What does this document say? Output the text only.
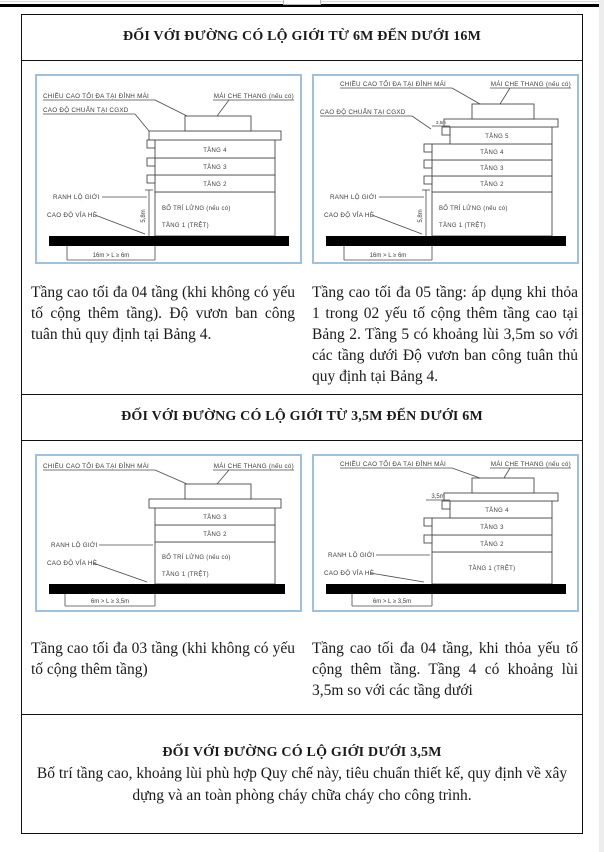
ĐỐI VỚI ĐƯỜNG CÓ LỘ GIỚI TỪ 6M ĐẾN DƯỚI 16M
TẦNG 4
TẦNG 3
TẦNG 2
BỐ TRÍ LỬNG (nếu có)
TẦNG 1 (TRỆT)
CHIỀU CAO TỐI ĐA TẠI ĐỈNH MÁI	MÁI CHE THANG (nếu có)
CAO ĐỘ CHUẨN TẠI CGXD
RANH LỘ GIỚI
CAO ĐỘ VỈA HÈ	5,8m
16m > L ≥ 6m

Tầng cao tối đa 04 tầng (khi không có yếu tố cộng thêm tầng). Độ vươn ban công tuân thủ quy định tại Bảng 4.

3,5m
TẦNG 5
TẦNG 4
TẦNG 3
TẦNG 2
BỐ TRÍ LỬNG (nếu có)
TẦNG 1 (TRỆT)
CHIỀU CAO TỐI ĐA TẠI ĐỈNH MÁI	MÁI CHE THANG (nếu có)
CAO ĐỘ CHUẨN TẠI CGXD
RANH LỘ GIỚI
CAO ĐỘ VỈA HÈ	5,8m
16m > L ≥ 6m

Tầng cao tối đa 05 tầng: áp dụng khi thỏa 1 trong 02 yếu tố cộng thêm tầng cao tại Bảng 2. Tầng 5 có khoảng lùi 3,5m so với các tầng dưới Độ vươn ban công tuân thủ quy định tại Bảng 4.

ĐỐI VỚI ĐƯỜNG CÓ LỘ GIỚI TỪ 3,5M ĐẾN DƯỚI 6M
TẦNG 3
TẦNG 2
BỐ TRÍ LỬNG (nếu có)
TẦNG 1 (TRỆT)
CHIỀU CAO TỐI ĐA TẠI ĐỈNH MÁI	MÁI CHE THANG (nếu có)
RANH LỘ GIỚI
CAO ĐỘ VỈA HÈ
6m > L ≥ 3,5m

Tầng cao tối đa 03 tầng (khi không có yếu tố cộng thêm tầng)

3,5m
TẦNG 4
TẦNG 3
TẦNG 2
TẦNG 1 (TRỆT)
CHIỀU CAO TỐI ĐA TẠI ĐỈNH MÁI	MÁI CHE THANG (nếu có)
RANH LỘ GIỚI
CAO ĐỘ VỈA HÈ
6m > L ≥ 3,5m

Tầng cao tối đa 04 tầng, khi thỏa yếu tố cộng thêm tầng. Tầng 4 có khoảng lùi 3,5m so với các tầng dưới

ĐỐI VỚI ĐƯỜNG CÓ LỘ GIỚI DƯỚI 3,5M
Bố trí tầng cao, khoảng lùi phù hợp Quy chế này, tiêu chuẩn thiết kế, quy định về xây dựng và an toàn phòng cháy chữa cháy cho công trình.
